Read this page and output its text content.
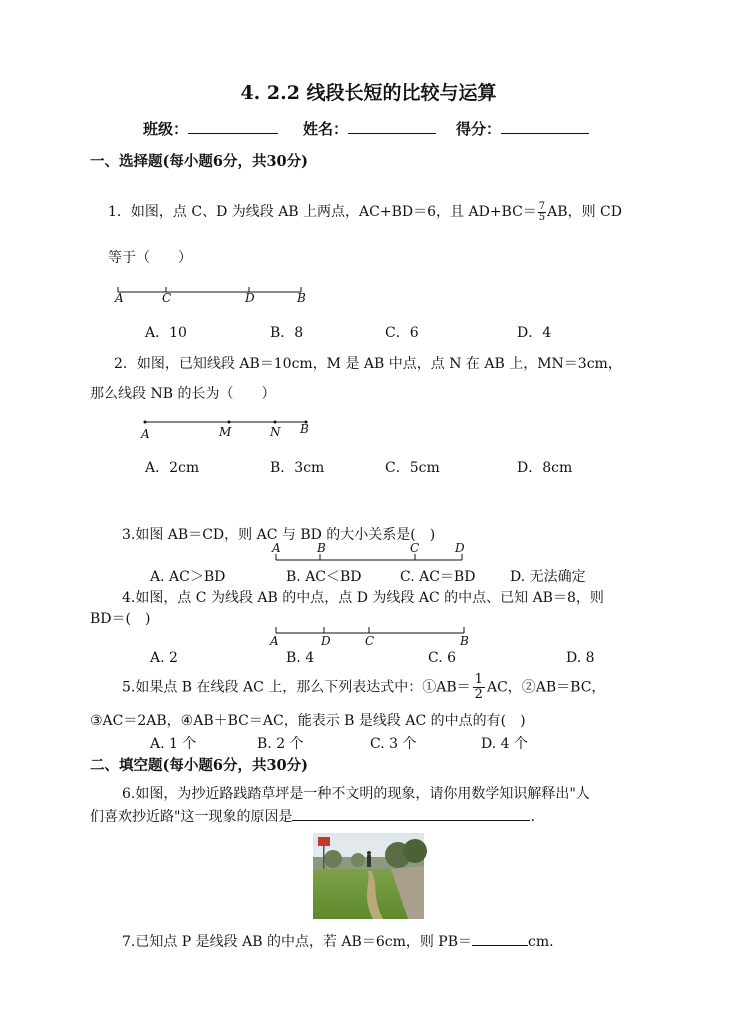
4. 2.2 线段长短的比较与运算
班级：	姓名：	得分：
一、选择题(每小题6分，共30分)
1．如图，点 C、D 为线段 AB 上两点，AC+BD＝6，且 $AD+BC= \frac{7}{5}$ AB，则 CD
等于（　　）
A	C	D	B
A．10	B．8	C．6	D．4
2．如图，已知线段 AB＝10cm，M 是 AB 中点，点 N 在 AB 上，MN＝3cm，
那么线段 NB 的长为（　　）
A	M	N B
A．2cm	B．3cm	C．5cm	D．8cm
3.如图 AB＝CD，则 AC 与 BD 的大小关系是(　)
A	B	C	D
A. AC＞BD	B. AC＜BD	C. AC＝BD D. 无法确定
4.如图，点 C 为线段 AB 的中点，点 D 为线段 AC 的中点、已知 AB＝8，则
BD＝(　)
A	D	C	B
A. 2	B. 4	C. 6	D. 8
5.如果点 B 在线段 AC 上，那么下列表达式中：①AB＝ $\frac{1}{2}$ AC，②AB＝BC，
③AC＝2AB，④AB＋BC＝AC，能表示 B 是线段 AC 的中点的有(　)
A. 1 个	B. 2 个	C. 3 个	D. 4 个
二、填空题(每小题6分，共30分)
6.如图，为抄近路践踏草坪是一种不文明的现象，请你用数学知识解释出"人
们喜欢抄近路"这一现象的原因是	.
7.已知点 P 是线段 AB 的中点，若 AB＝6cm，则 PB＝	cm.
